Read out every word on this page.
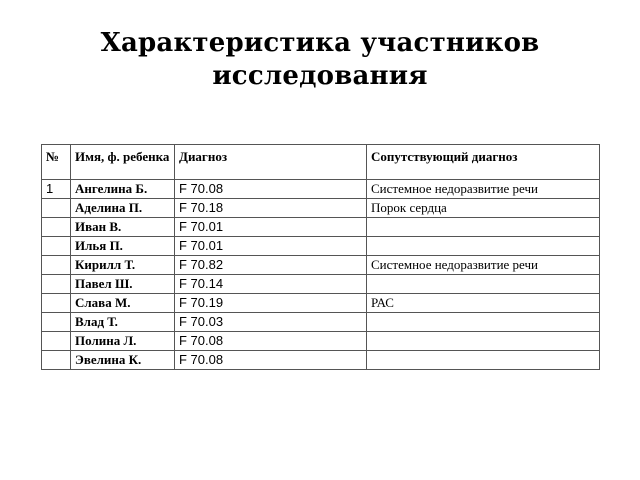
Характеристика участников
исследования
№	Имя, ф. ребенка	Диагноз	Сопутствующий диагноз
1	Ангелина Б.	F 70.08	Системное недоразвитие речи
	Аделина П.	F 70.18	Порок сердца
	Иван В.	F 70.01	
	Илья П.	F 70.01	
	Кирилл Т.	F 70.82	Системное недоразвитие речи
	Павел Ш.	F 70.14	
	Слава М.	F 70.19	РАС
	Влад Т.	F 70.03	
	Полина Л.	F 70.08	
	Эвелина К.	F 70.08	
